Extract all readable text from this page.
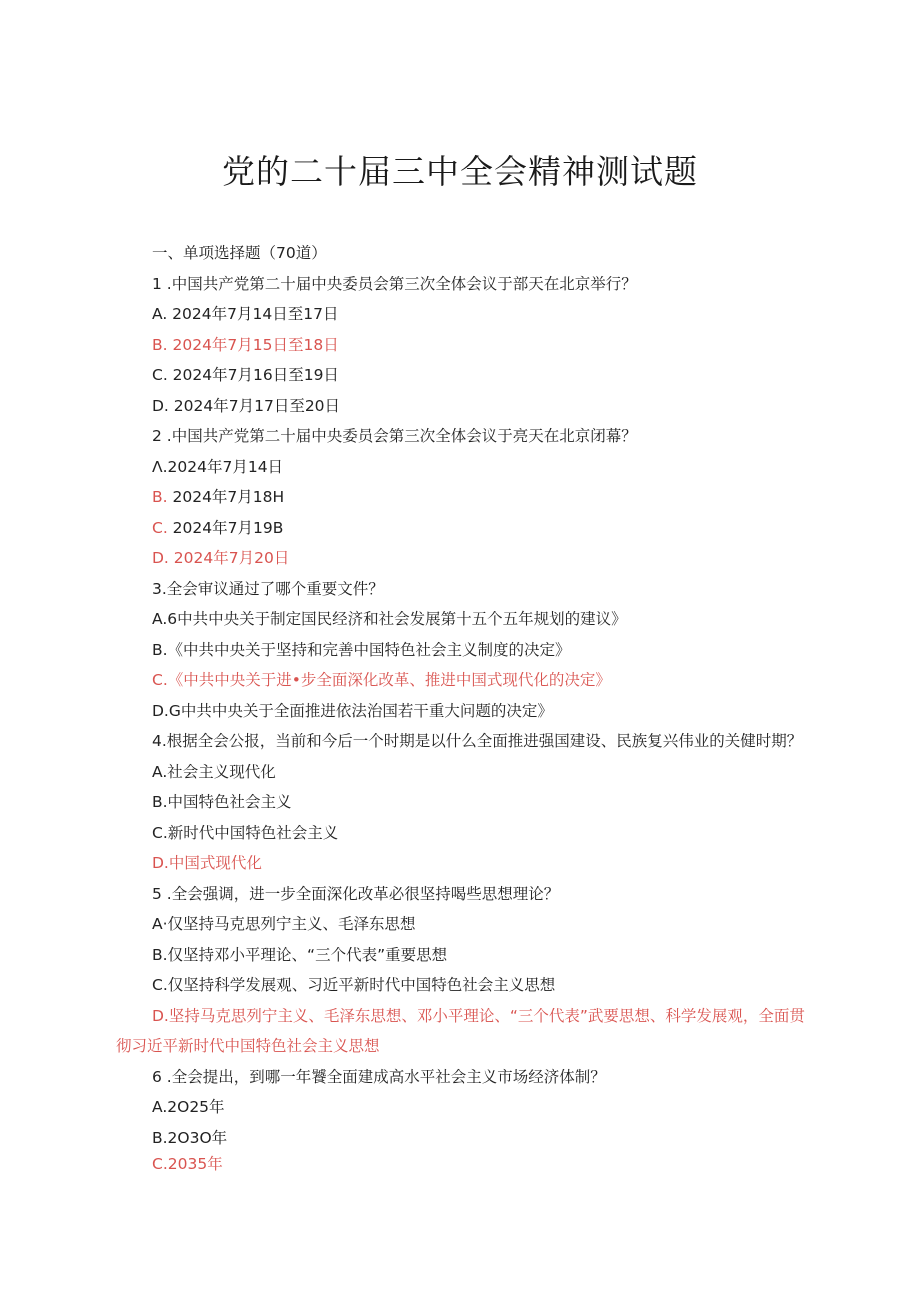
党的二十届三中全会精神测试题
一、单项选择题（70道）
1 .中国共产党第二十届中央委员会第三次全体会议于部天在北京举行？
A. 2024年7月14日至17日
B. 2024年7月15日至18日
C. 2024年7月16日至19日
D. 2024年7月17日至20日
2 .中国共产党第二十届中央委员会第三次全体会议于亮天在北京闭幕？
Λ.2024年7月14日
B. 2024年7月18H
C. 2024年7月19B
D. 2024年7月20日
3.全会审议通过了哪个重要文件？
A.6中共中央关于制定国民经济和社会发展第十五个五年规划的建议》
B.《中共中央关于坚持和完善中国特色社会主义制度的决定》
C.《中共中央关于进•步全面深化改革、推进中国式现代化的决定》
D.G中共中央关于全面推进依法治国若干重大问题的决定》
4.根据全会公报，当前和今后一个时期是以什么全面推进强国建设、民族复兴伟业的关健时期？
A.社会主义现代化
B.中国特色社会主义
C.新时代中国特色社会主义
D.中国式现代化
5 .全会强调，进一步全面深化改革必很坚持喝些思想理论？
A·仅坚持马克思列宁主义、毛泽东思想
B.仅坚持邓小平理论、“三个代表”重要思想
C.仅坚持科学发展观、习近平新时代中国特色社会主义思想
D.坚持马克思列宁主义、毛泽东思想、邓小平理论、“三个代表”武要思想、科学发展观，全面贯彻习近平新时代中国特色社会主义思想
6 .全会提出，到哪一年饕全面建成高水平社会主义市场经济体制？
A.2O25年
B.2O3O年
C.2035年
